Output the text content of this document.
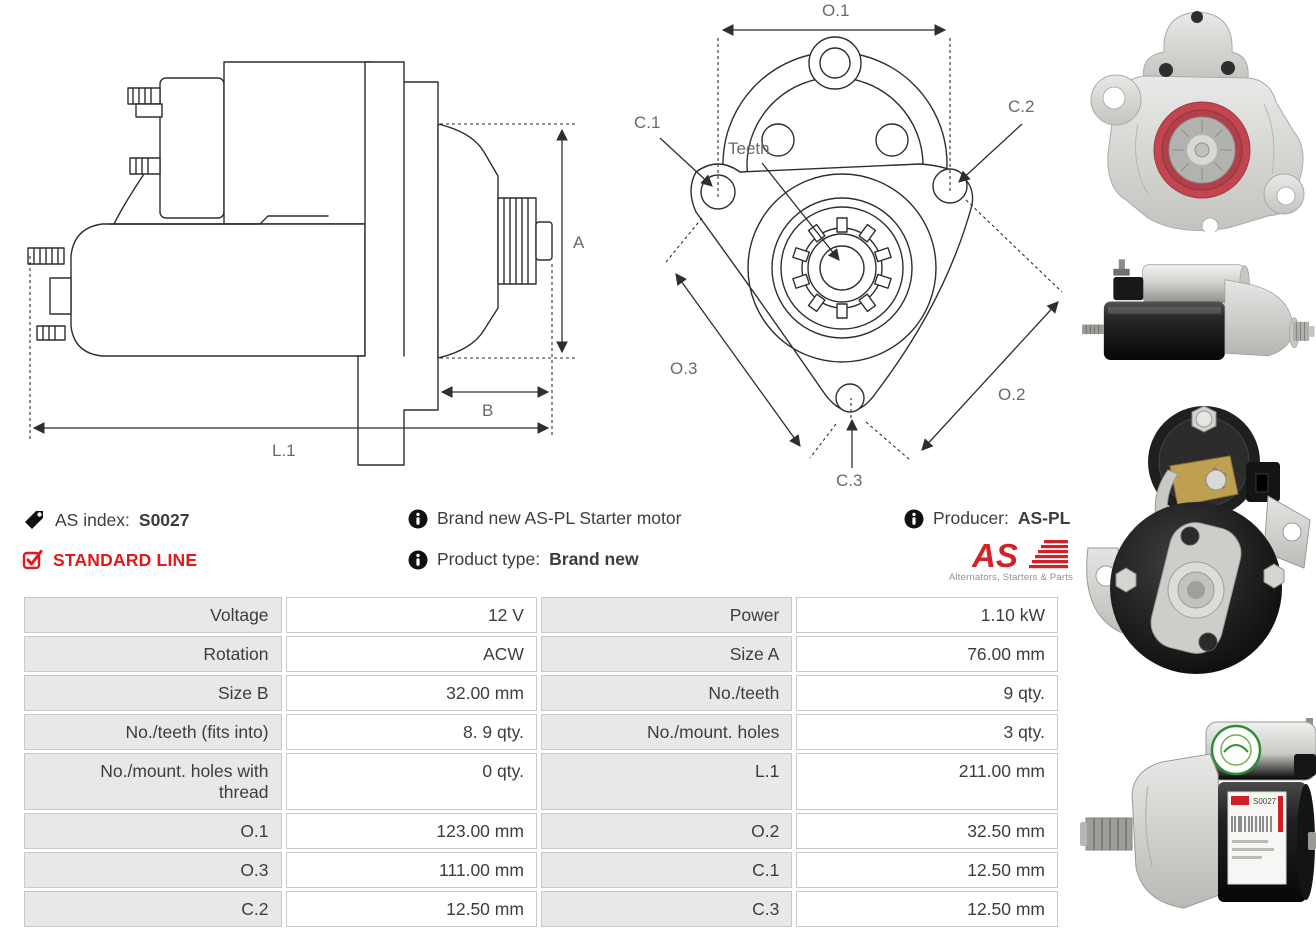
A
B
L.1
O.1
C.1
C.2
Teeth
O.3
O.2
C.3
S0027
AS index: S0027
STANDARD LINE
Brand new AS-PL Starter motor
Product type: Brand new
Producer: AS-PL
AS
Alternators, Starters & Parts
Voltage	12 V	Power	1.10 kW
Rotation	ACW	Size A	76.00 mm
Size B	32.00 mm	No./teeth	9 qty.
No./teeth (fits into)	8. 9 qty.	No./mount. holes	3 qty.
No./mount. holes with thread	0 qty.	L.1	211.00 mm
O.1	123.00 mm	O.2	32.50 mm
O.3	111.00 mm	C.1	12.50 mm
C.2	12.50 mm	C.3	12.50 mm
